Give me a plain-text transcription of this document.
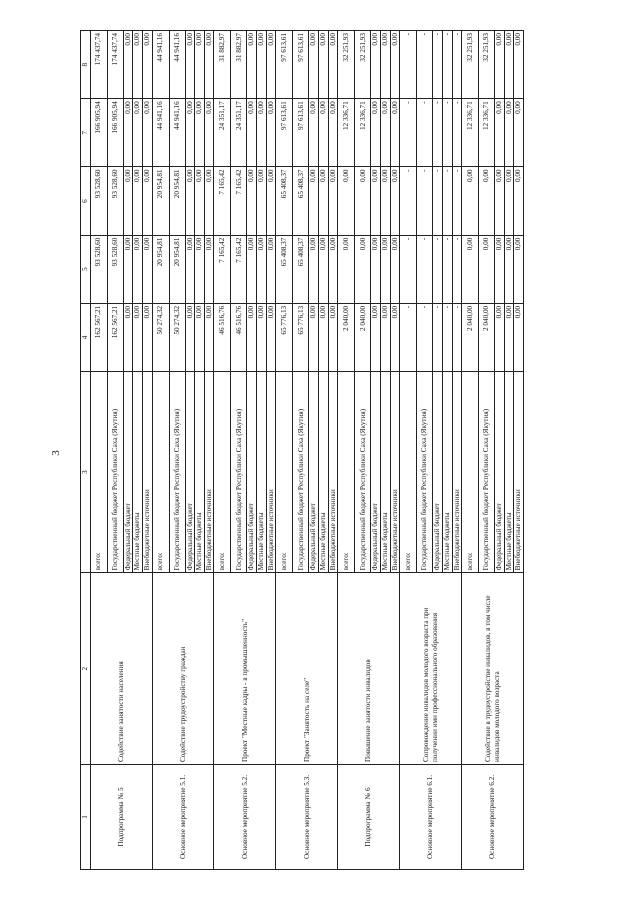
3
1	2	3	4	5	6	7	8
Подпрограмма № 5	Содействие занятости населения	всего:	162 567,21	93 528,60	93 528,60	166 905,94	174 437,74
		Государственный бюджет Республики Саха (Якутия)	162 567,21	93 528,60	93 528,60	166 905,94	174 437,74
		Федеральный бюджет	0,00	0,00	0,00	0,00	0,00
		Местные бюджеты	0,00	0,00	0,00	0,00	0,00
		Внебюджетные источники	0,00	0,00	0,00	0,00	0,00
Основное мероприятие 5.1.	Содействие трудоустройству граждан	всего:	50 274,32	20 954,81	20 954,81	44 941,16	44 941,16
		Государственный бюджет Республики Саха (Якутия)	50 274,32	20 954,81	20 954,81	44 941,16	44 941,16
		Федеральный бюджет	0,00	0,00	0,00	0,00	0,00
		Местные бюджеты	0,00	0,00	0,00	0,00	0,00
		Внебюджетные источники	0,00	0,00	0,00	0,00	0,00
Основное мероприятие 5.2.	Проект "Местные кадры - в промышленность"	всего:	46 516,76	7 165,42	7 165,42	24 351,17	31 882,97
		Государственный бюджет Республики Саха (Якутия)	46 516,76	7 165,42	7 165,42	24 351,17	31 882,97
		Федеральный бюджет	0,00	0,00	0,00	0,00	0,00
		Местные бюджеты	0,00	0,00	0,00	0,00	0,00
		Внебюджетные источники	0,00	0,00	0,00	0,00	0,00
Основное мероприятие 5.3.	Проект "Занятость на селе"	всего:	65 776,13	65 408,37	65 408,37	97 613,61	97 613,61
		Государственный бюджет Республики Саха (Якутия)	65 776,13	65 408,37	65 408,37	97 613,61	97 613,61
		Федеральный бюджет	0,00	0,00	0,00	0,00	0,00
		Местные бюджеты	0,00	0,00	0,00	0,00	0,00
		Внебюджетные источники	0,00	0,00	0,00	0,00	0,00
Подпрограмма № 6	Повышение занятости инвалидов	всего:	2 040,00	0,00	0,00	12 336,71	32 251,93
		Государственный бюджет Республики Саха (Якутия)	2 040,00	0,00	0,00	12 336,71	32 251,93
		Федеральный бюджет	0,00	0,00	0,00	0,00	0,00
		Местные бюджеты	0,00	0,00	0,00	0,00	0,00
		Внебюджетные источники	0,00	0,00	0,00	0,00	0,00
Основное мероприятие 6.1.	Сопровождение инвалидов молодого возраста при получении ими профессионального образования	всего:	-	-	-	-	-
		Государственный бюджет Республики Саха (Якутия)	-	-	-	-	-
		Федеральный бюджет	-	-	-	-	-
		Местные бюджеты	-	-	-	-	-
		Внебюджетные источники	-	-	-	-	-
Основное мероприятие 6.2.	Содействие в трудоустройстве инвалидов, в том числе инвалидов молодого возраста	всего:	2 040,00	0,00	0,00	12 336,71	32 251,93
		Государственный бюджет Республики Саха (Якутия)	2 040,00	0,00	0,00	12 336,71	32 251,93
		Федеральный бюджет	0,00	0,00	0,00	0,00	0,00
		Местные бюджеты	0,00	0,00	0,00	0,00	0,00
		Внебюджетные источники	0,00	0,00	0,00	0,00	0,00
